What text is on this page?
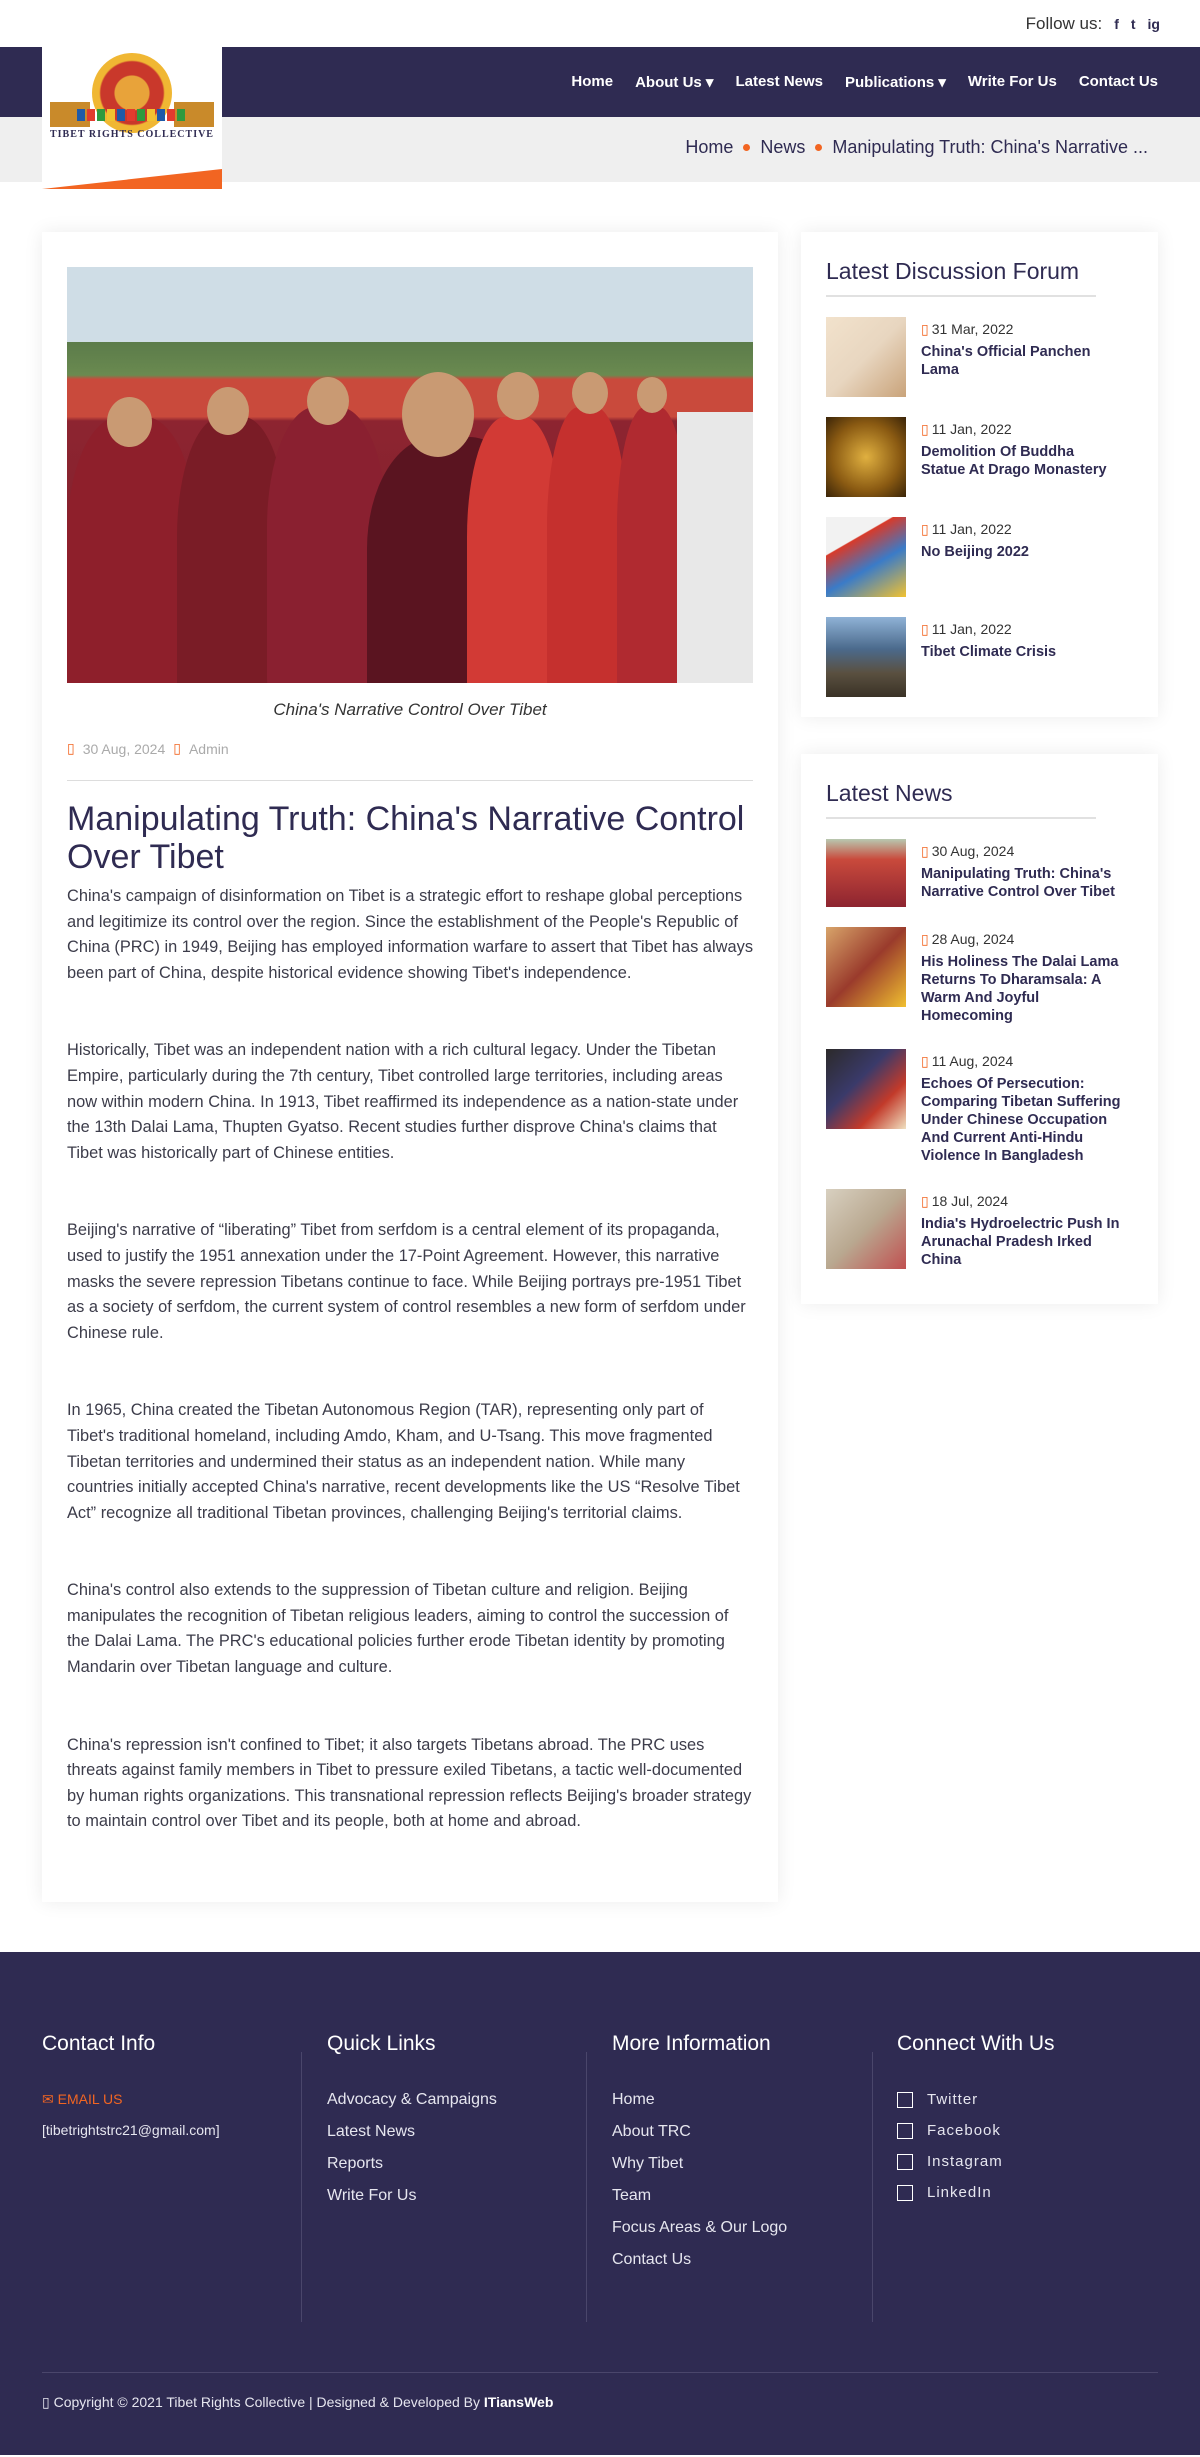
Follow us: f t ig
TIBET RIGHTS COLLECTIVE
Home About Us ▾ Latest News Publications ▾ Write For Us Contact Us
Home News Manipulating Truth: China's Narrative ...
China's Narrative Control Over Tibet
▯ 30 Aug, 2024 ▯ Admin
Manipulating Truth: China's Narrative Control Over Tibet

China's campaign of disinformation on Tibet is a strategic effort to reshape global perceptions and legitimize its control over the region. Since the establishment of the People's Republic of China (PRC) in 1949, Beijing has employed information warfare to assert that Tibet has always been part of China, despite historical evidence showing Tibet's independence.

Historically, Tibet was an independent nation with a rich cultural legacy. Under the Tibetan Empire, particularly during the 7th century, Tibet controlled large territories, including areas now within modern China. In 1913, Tibet reaffirmed its independence as a nation-state under the 13th Dalai Lama, Thupten Gyatso. Recent studies further disprove China's claims that Tibet was historically part of Chinese entities.

Beijing's narrative of “liberating” Tibet from serfdom is a central element of its propaganda, used to justify the 1951 annexation under the 17-Point Agreement. However, this narrative masks the severe repression Tibetans continue to face. While Beijing portrays pre-1951 Tibet as a society of serfdom, the current system of control resembles a new form of serfdom under Chinese rule.

In 1965, China created the Tibetan Autonomous Region (TAR), representing only part of Tibet's traditional homeland, including Amdo, Kham, and U-Tsang. This move fragmented Tibetan territories and undermined their status as an independent nation. While many countries initially accepted China's narrative, recent developments like the US “Resolve Tibet Act” recognize all traditional Tibetan provinces, challenging Beijing's territorial claims.

China's control also extends to the suppression of Tibetan culture and religion. Beijing manipulates the recognition of Tibetan religious leaders, aiming to control the succession of the Dalai Lama. The PRC's educational policies further erode Tibetan identity by promoting Mandarin over Tibetan language and culture.

China's repression isn't confined to Tibet; it also targets Tibetans abroad. The PRC uses threats against family members in Tibet to pressure exiled Tibetans, a tactic well-documented by human rights organizations. This transnational repression reflects Beijing's broader strategy to maintain control over Tibet and its people, both at home and abroad.

Latest Discussion Forum
▯ 31 Mar, 2022
China's Official Panchen Lama
▯ 11 Jan, 2022
Demolition Of Buddha Statue At Drago Monastery
▯ 11 Jan, 2022
No Beijing 2022
▯ 11 Jan, 2022
Tibet Climate Crisis
Latest News
▯ 30 Aug, 2024
Manipulating Truth: China's Narrative Control Over Tibet
▯ 28 Aug, 2024
His Holiness The Dalai Lama Returns To Dharamsala: A Warm And Joyful Homecoming
▯ 11 Aug, 2024
Echoes Of Persecution: Comparing Tibetan Suffering Under Chinese Occupation And Current Anti-Hindu Violence In Bangladesh
▯ 18 Jul, 2024
India's Hydroelectric Push In Arunachal Pradesh Irked China
Contact Info
✉ EMAIL US
[tibetrightstrc21@gmail.com]
Quick Links
Advocacy & Campaigns
Latest News
Reports
Write For Us
More Information
Home
About TRC
Why Tibet
Team
Focus Areas & Our Logo
Contact Us
Connect With Us
Twitter
Facebook
Instagram
LinkedIn
▯ Copyright © 2021 Tibet Rights Collective | Designed & Developed By ITiansWeb
